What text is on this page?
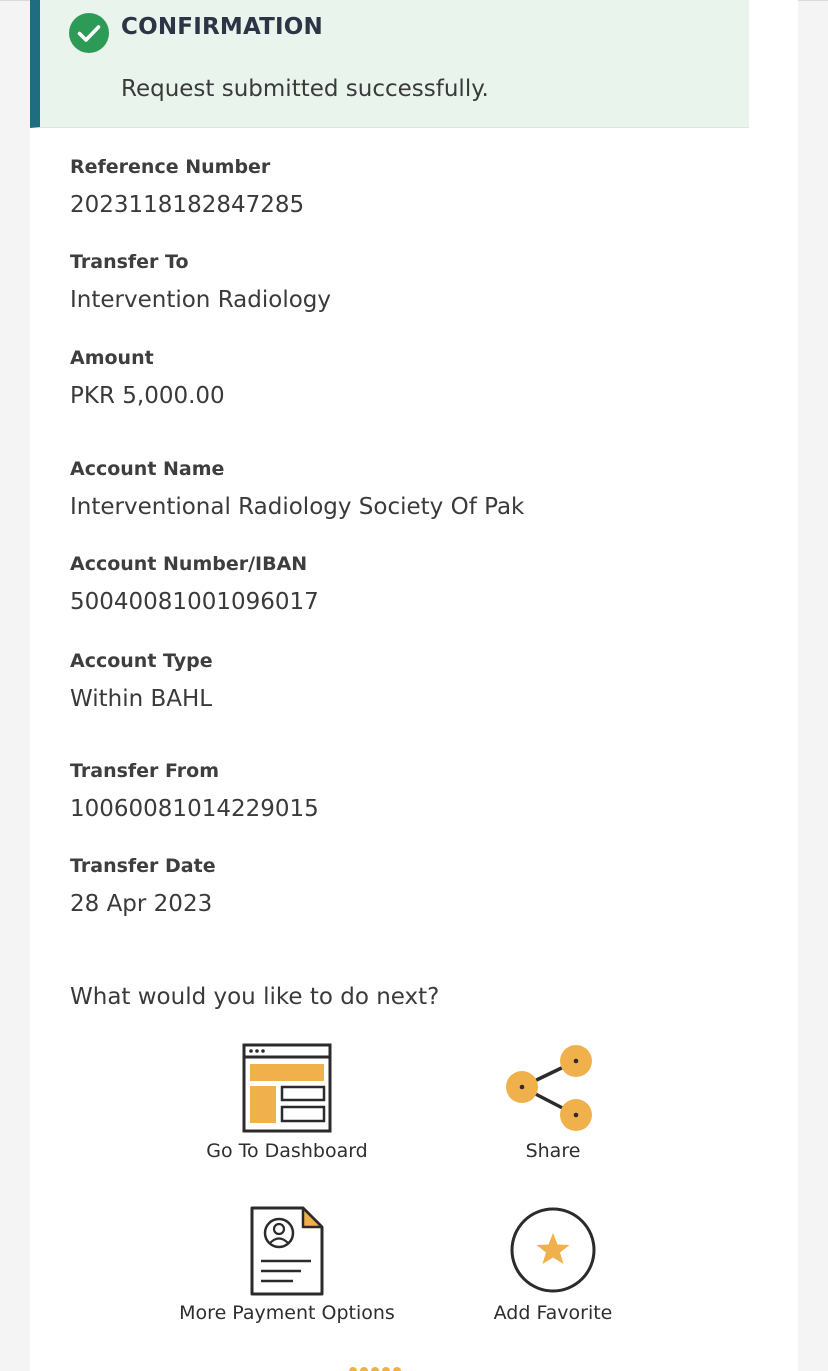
CONFIRMATION
Request submitted successfully.
Reference Number
2023118182847285
Transfer To
Intervention Radiology
Amount
PKR 5,000.00
Account Name
Interventional Radiology Society Of Pak
Account Number/IBAN
50040081001096017
Account Type
Within BAHL
Transfer From
10060081014229015
Transfer Date
28 Apr 2023
What would you like to do next?
Go To Dashboard	Share
More Payment Options	Add Favorite
